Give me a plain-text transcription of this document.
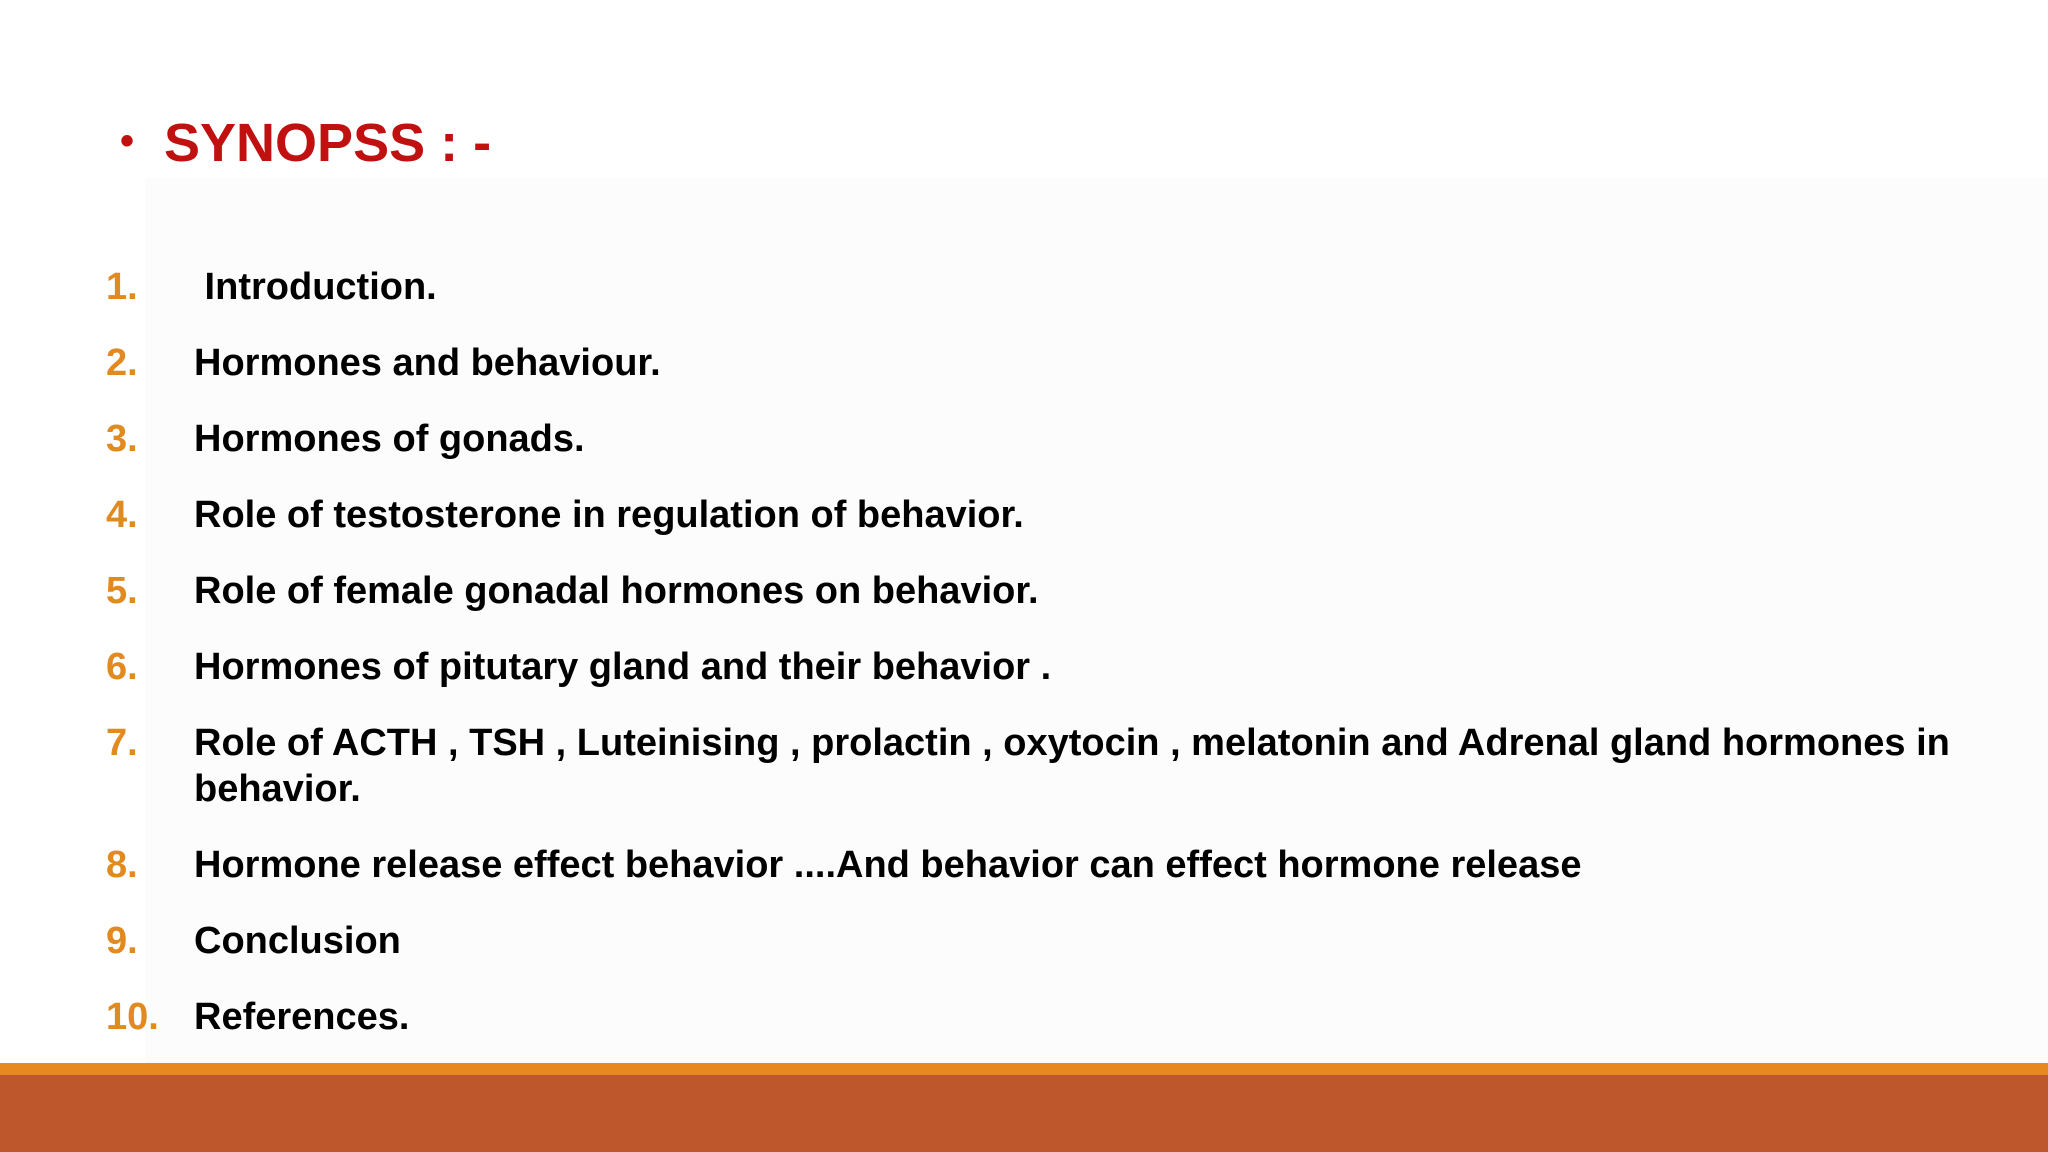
• SYNOPSS : -
1. Introduction.
2. Hormones and behaviour.
3. Hormones of gonads.
4. Role of testosterone in regulation of behavior.
5. Role of female gonadal hormones on behavior.
6. Hormones of pitutary gland and their behavior .
7. Role of ACTH , TSH , Luteinising , prolactin , oxytocin , melatonin and Adrenal gland hormones in behavior.
8. Hormone release effect behavior ....And behavior can effect hormone release
9. Conclusion
10. References.
